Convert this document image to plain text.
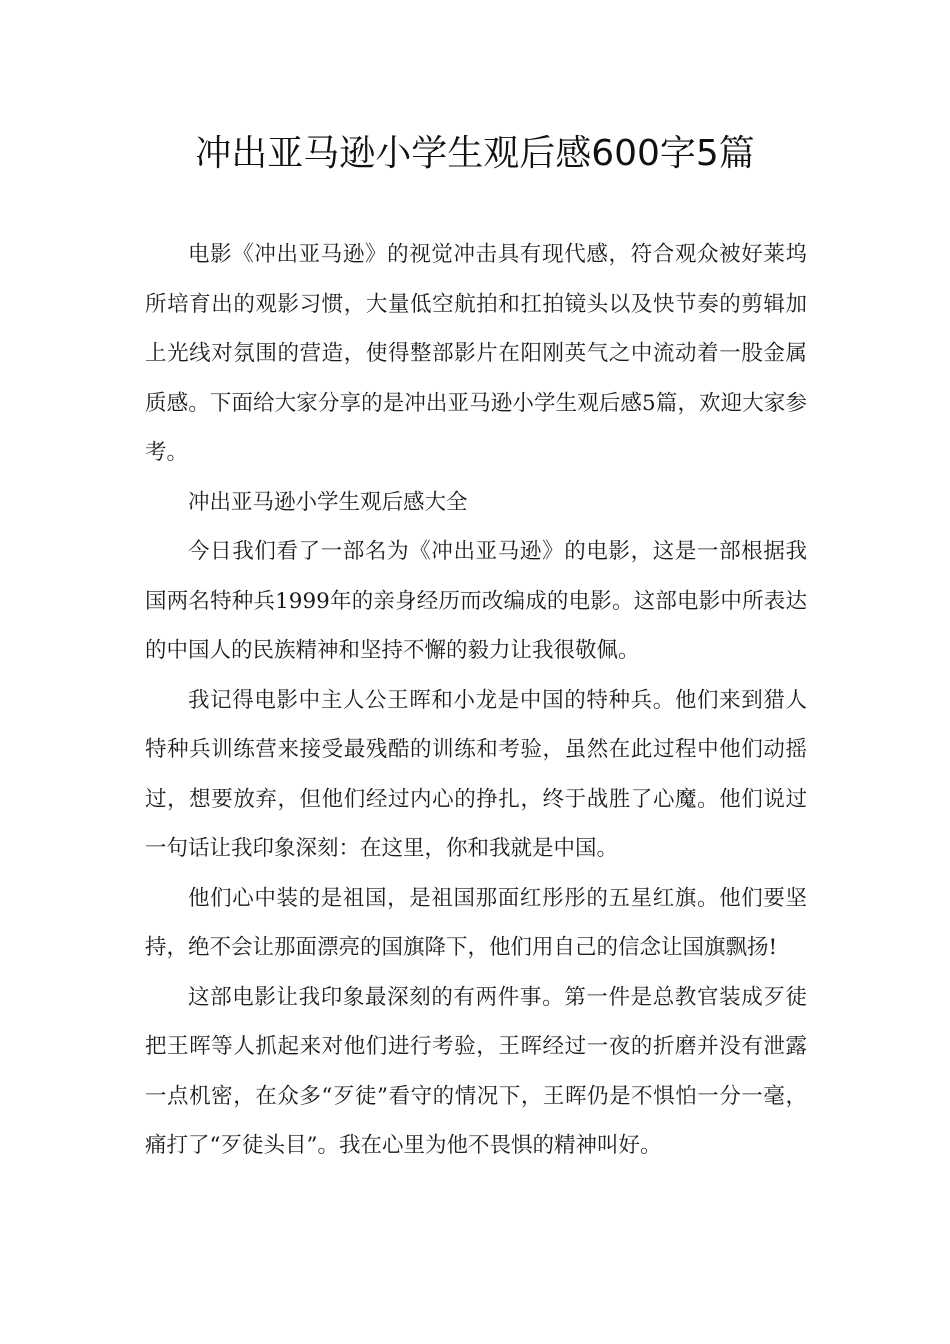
冲出亚马逊小学生观后感600字5篇

电影《冲出亚马逊》的视觉冲击具有现代感，符合观众被好莱坞所培育出的观影习惯，大量低空航拍和扛拍镜头以及快节奏的剪辑加上光线对氛围的营造，使得整部影片在阳刚英气之中流动着一股金属质感。下面给大家分享的是冲出亚马逊小学生观后感5篇，欢迎大家参考。

冲出亚马逊小学生观后感大全

今日我们看了一部名为《冲出亚马逊》的电影，这是一部根据我国两名特种兵1999年的亲身经历而改编成的电影。这部电影中所表达的中国人的民族精神和坚持不懈的毅力让我很敬佩。

我记得电影中主人公王晖和小龙是中国的特种兵。他们来到猎人特种兵训练营来接受最残酷的训练和考验，虽然在此过程中他们动摇过，想要放弃，但他们经过内心的挣扎，终于战胜了心魔。他们说过一句话让我印象深刻：在这里，你和我就是中国。

他们心中装的是祖国，是祖国那面红彤彤的五星红旗。他们要坚持，绝不会让那面漂亮的国旗降下，他们用自己的信念让国旗飘扬!

这部电影让我印象最深刻的有两件事。第一件是总教官装成歹徒把王晖等人抓起来对他们进行考验，王晖经过一夜的折磨并没有泄露一点机密，在众多“歹徒”看守的情况下，王晖仍是不惧怕一分一毫，痛打了“歹徒头目”。我在心里为他不畏惧的精神叫好。
